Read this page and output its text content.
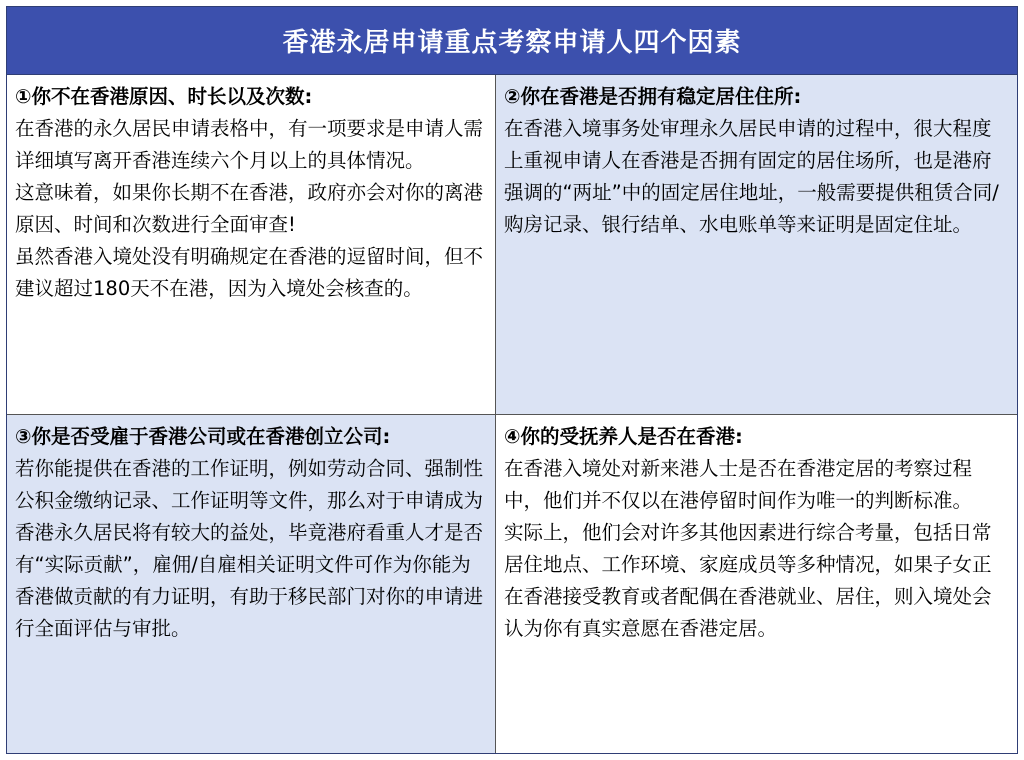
香港永居申请重点考察申请人四个因素
①你不在香港原因、时长以及次数:

在香港的永久居民申请表格中，有一项要求是申请人需详细填写离开香港连续六个月以上的具体情况。

这意味着，如果你长期不在香港，政府亦会对你的离港原因、时间和次数进行全面审查!

虽然香港入境处没有明确规定在香港的逗留时间，但不建议超过180天不在港，因为入境处会核查的。

②你在香港是否拥有稳定居住住所:

在香港入境事务处审理永久居民申请的过程中，很大程度上重视申请人在香港是否拥有固定的居住场所，也是港府强调的“两址”中的固定居住地址，一般需要提供租赁合同/购房记录、银行结单、水电账单等来证明是固定住址。

③你是否受雇于香港公司或在香港创立公司:

若你能提供在香港的工作证明，例如劳动合同、强制性公积金缴纳记录、工作证明等文件，那么对于申请成为香港永久居民将有较大的益处，毕竟港府看重人才是否有“实际贡献”，雇佣/自雇相关证明文件可作为你能为香港做贡献的有力证明，有助于移民部门对你的申请进行全面评估与审批。

④你的受抚养人是否在香港:

在香港入境处对新来港人士是否在香港定居的考察过程中，他们并不仅以在港停留时间作为唯一的判断标准。

实际上，他们会对许多其他因素进行综合考量，包括日常居住地点、工作环境、家庭成员等多种情况，如果子女正在香港接受教育或者配偶在香港就业、居住，则入境处会认为你有真实意愿在香港定居。
